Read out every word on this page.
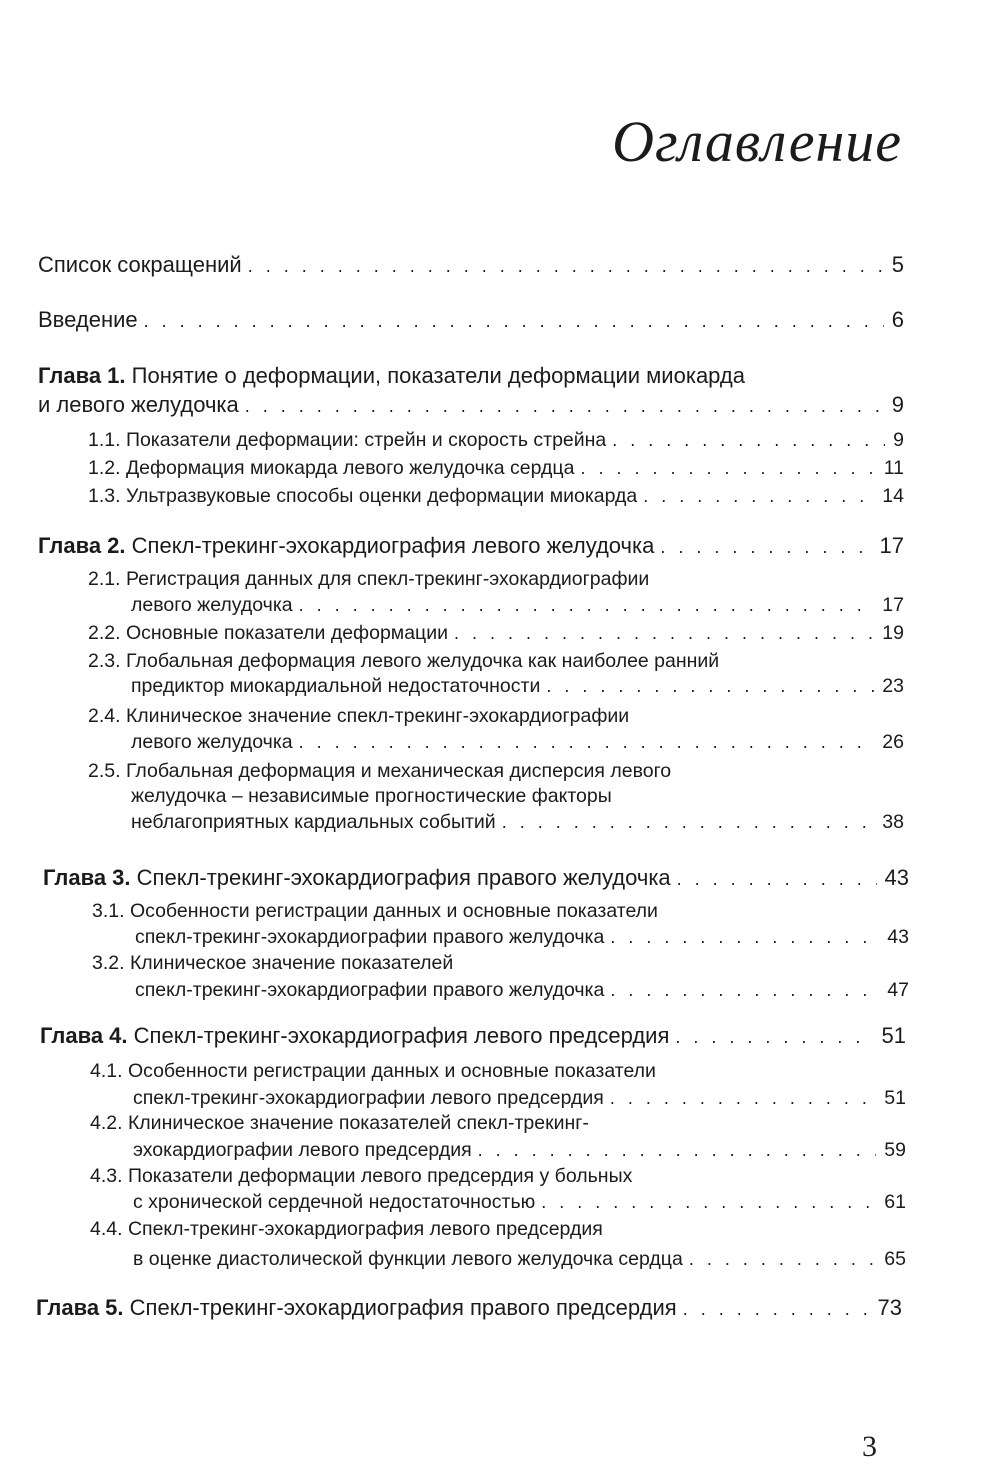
Оглавление
Список сокращений . . .	5
Введение . . .	6
Глава 1. Понятие о деформации, показатели деформации миокарда
и левого желудочка . . .	9
1.1. Показатели деформации: стрейн и скорость стрейна . . .	9
1.2. Деформация миокарда левого желудочка сердца . . .	11
1.3. Ультразвуковые способы оценки деформации миокарда . . .	14
Глава 2. Спекл-трекинг-эхокардиография левого желудочка . . .	17
2.1. Регистрация данных для спекл-трекинг-эхокардиографии
левого желудочка . . .	17
2.2. Основные показатели деформации . . .	19
2.3. Глобальная деформация левого желудочка как наиболее ранний
предиктор миокардиальной недостаточности . . .	23
2.4. Клиническое значение спекл-трекинг-эхокардиографии
левого желудочка . . .	26
2.5. Глобальная деформация и механическая дисперсия левого
желудочка – независимые прогностические факторы
неблагоприятных кардиальных событий . . .	38
Глава 3. Спекл-трекинг-эхокардиография правого желудочка . . .	43
3.1. Особенности регистрации данных и основные показатели
спекл-трекинг-эхокардиографии правого желудочка . . .	43
3.2. Клиническое значение показателей
спекл-трекинг-эхокардиографии правого желудочка . . .	47
Глава 4. Спекл-трекинг-эхокардиография левого предсердия . . .	51
4.1. Особенности регистрации данных и основные показатели
спекл-трекинг-эхокардиографии левого предсердия . . .	51
4.2. Клиническое значение показателей спекл-трекинг-
эхокардиографии левого предсердия . . .	59
4.3. Показатели деформации левого предсердия у больных
с хронической сердечной недостаточностью . . .	61
4.4. Спекл-трекинг-эхокардиография левого предсердия
в оценке диастолической функции левого желудочка сердца . . .	65
Глава 5. Спекл-трекинг-эхокардиография правого предсердия . . .	73
3
